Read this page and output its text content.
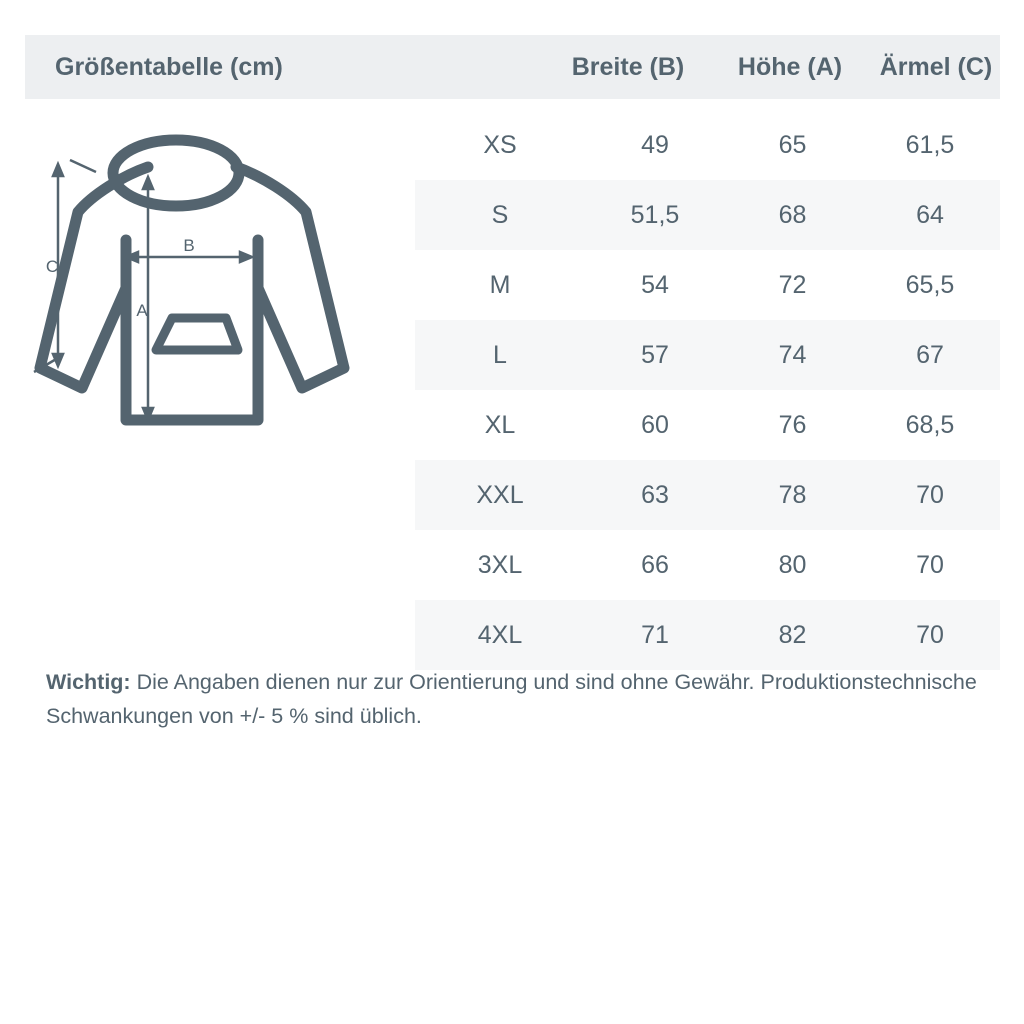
Größentabelle (cm)	Breite (B)	Höhe (A)	Ärmel (C)
C
B
A
XS	49	65	61,5
S	51,5	68	64
M	54	72	65,5
L	57	74	67
XL	60	76	68,5
XXL	63	78	70
3XL	66	80	70
4XL	71	82	70
Wichtig: Die Angaben dienen nur zur Orientierung und sind ohne Gewähr. Produktionstechnische Schwankungen von +/- 5 % sind üblich.
